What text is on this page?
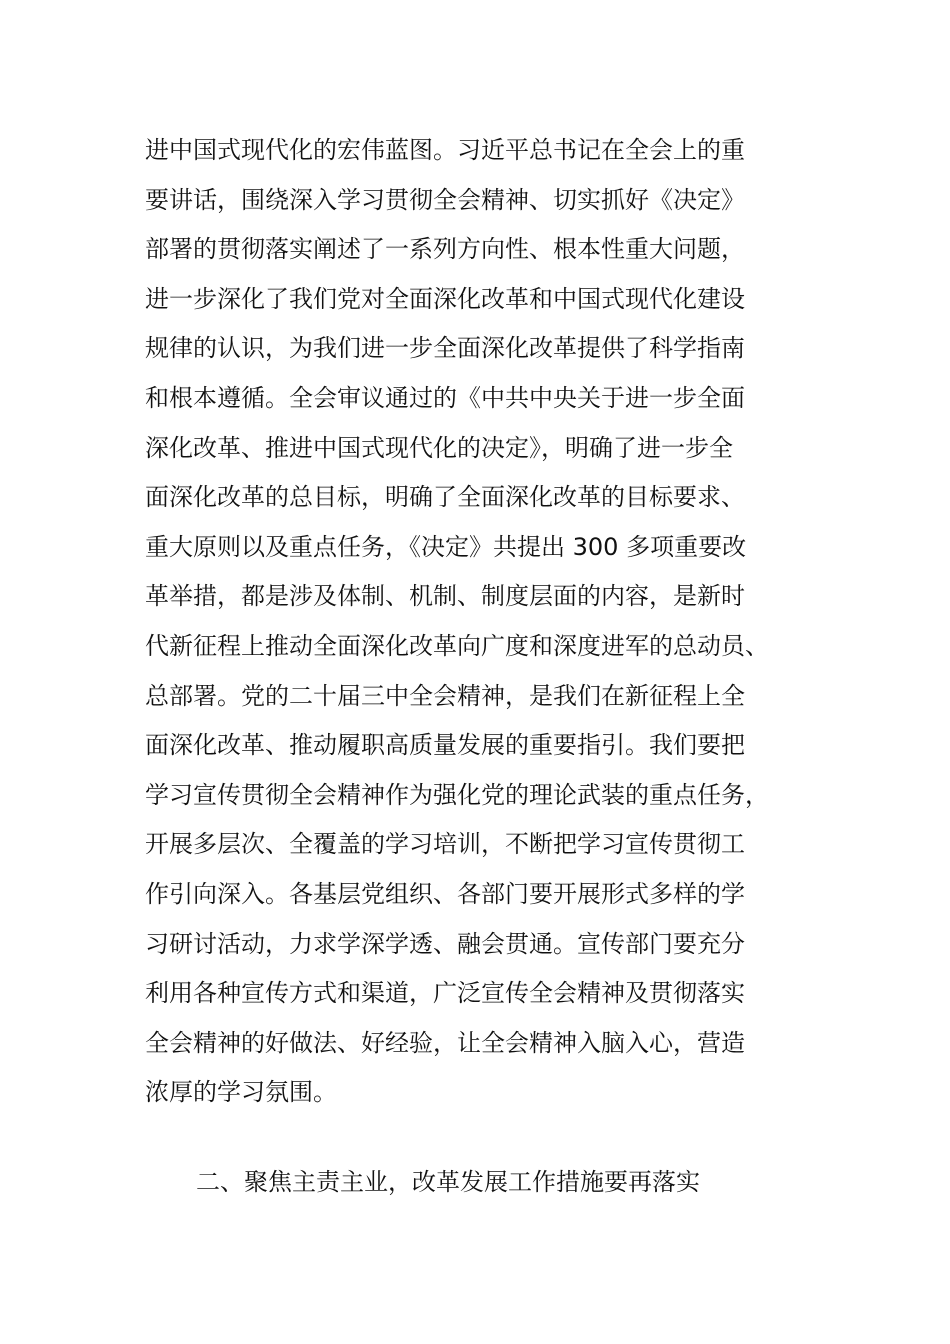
进中国式现代化的宏伟蓝图。习近平总书记在全会上的重
要讲话，围绕深入学习贯彻全会精神、切实抓好《决定》
部署的贯彻落实阐述了一系列方向性、根本性重大问题，
进一步深化了我们党对全面深化改革和中国式现代化建设
规律的认识，为我们进一步全面深化改革提供了科学指南
和根本遵循。全会审议通过的《中共中央关于进一步全面
深化改革、推进中国式现代化的决定》，明确了进一步全
面深化改革的总目标，明确了全面深化改革的目标要求、
重大原则以及重点任务，《决定》共提出 300 多项重要改
革举措，都是涉及体制、机制、制度层面的内容，是新时
代新征程上推动全面深化改革向广度和深度进军的总动员、
总部署。党的二十届三中全会精神，是我们在新征程上全
面深化改革、推动履职高质量发展的重要指引。我们要把
学习宣传贯彻全会精神作为强化党的理论武装的重点任务，
开展多层次、全覆盖的学习培训，不断把学习宣传贯彻工
作引向深入。各基层党组织、各部门要开展形式多样的学
习研讨活动，力求学深学透、融会贯通。宣传部门要充分
利用各种宣传方式和渠道，广泛宣传全会精神及贯彻落实
全会精神的好做法、好经验，让全会精神入脑入心，营造
浓厚的学习氛围。
二、聚焦主责主业，改革发展工作措施要再落实
